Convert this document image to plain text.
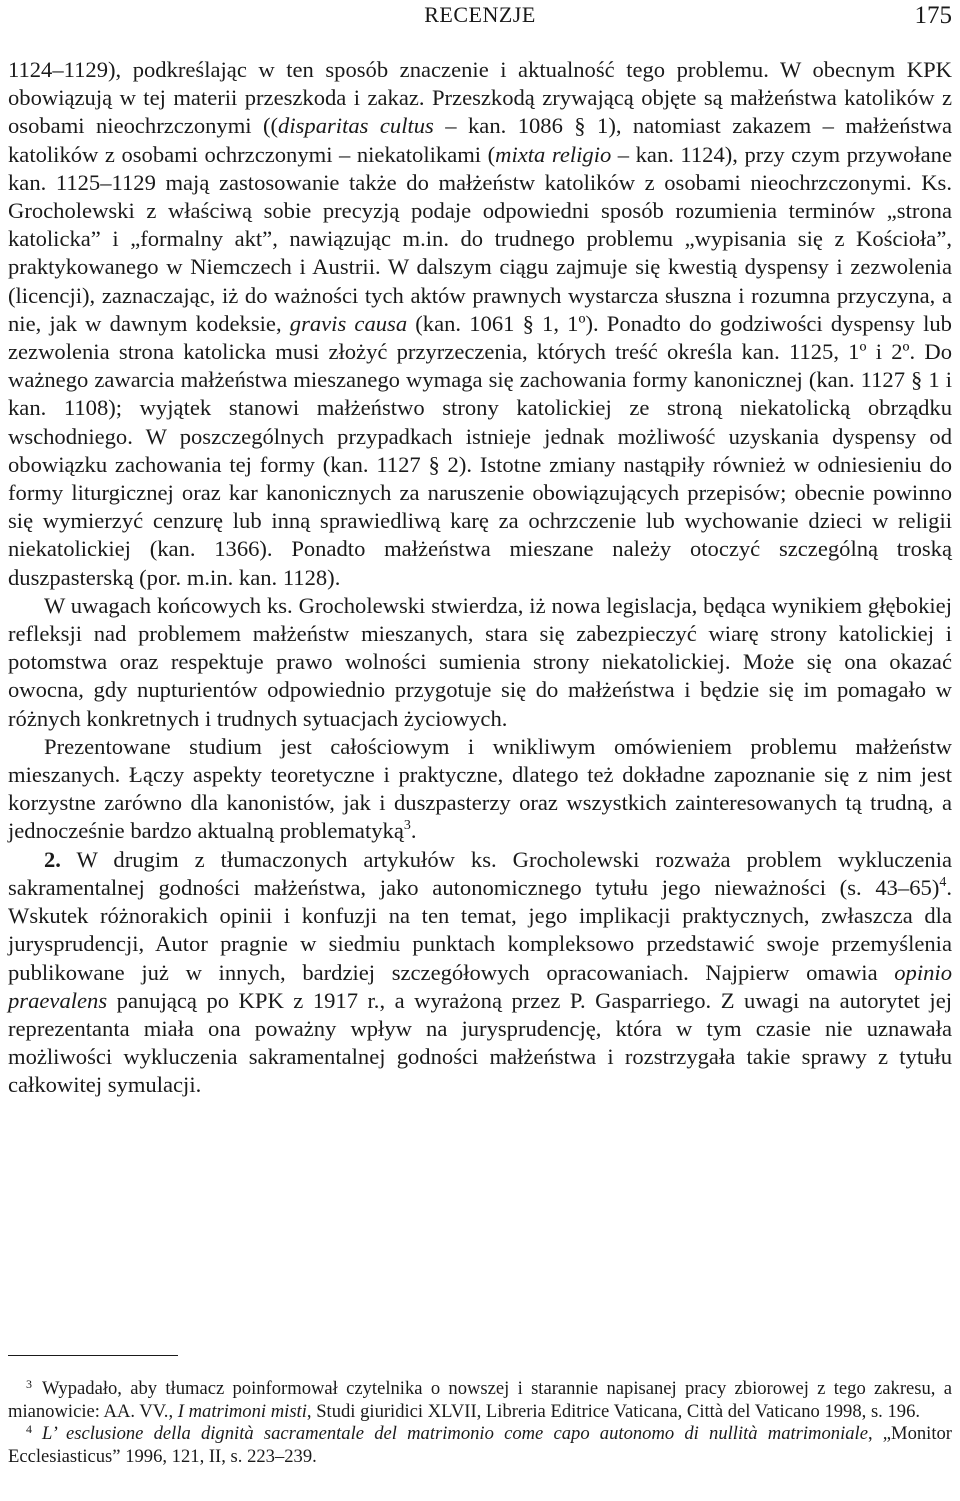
RECENZJE	175

1124–1129), podkreślając w ten sposób znaczenie i aktualność tego problemu. W obecnym KPK obowiązują w tej materii przeszkoda i zakaz. Przeszkodą zrywającą objęte są małżeństwa katolików z osobami nieochrzczonymi ((disparitas cultus – kan. 1086 § 1), natomiast zakazem – małżeństwa katolików z osobami ochrzczonymi – niekatolikami (mixta religio – kan. 1124), przy czym przywołane kan. 1125–1129 mają zastosowanie także do małżeństw katolików z osobami nieochrzczonymi. Ks. Grocholewski z właściwą sobie precyzją podaje odpowiedni sposób rozumienia terminów „strona katolicka” i „formalny akt”, nawiązując m.in. do trudnego problemu „wypisania się z Kościoła”, praktykowanego w Niemczech i Austrii. W dalszym ciągu zajmuje się kwestią dyspensy i zezwolenia (licencji), zaznaczając, iż do ważności tych aktów prawnych wystarcza słuszna i rozumna przyczyna, a nie, jak w dawnym kodeksie, gravis causa (kan. 1061 § 1, 1º). Ponadto do godziwości dyspensy lub zezwolenia strona katolicka musi złożyć przyrzeczenia, których treść określa kan. 1125, 1º i 2º. Do ważnego zawarcia małżeństwa mieszanego wymaga się zachowania formy kanonicznej (kan. 1127 § 1 i kan. 1108); wyjątek stanowi małżeństwo strony katolickiej ze stroną niekatolicką obrządku wschodniego. W poszczególnych przypadkach istnieje jednak możliwość uzyskania dyspensy od obowiązku zachowania tej formy (kan. 1127 § 2). Istotne zmiany nastąpiły również w odniesieniu do formy liturgicznej oraz kar kanonicznych za naruszenie obowiązujących przepisów; obecnie powinno się wymierzyć cenzurę lub inną sprawiedliwą karę za ochrzczenie lub wychowanie dzieci w religii niekatolickiej (kan. 1366). Ponadto małżeństwa mieszane należy otoczyć szczególną troską duszpasterską (por. m.in. kan. 1128).

W uwagach końcowych ks. Grocholewski stwierdza, iż nowa legislacja, będąca wynikiem głębokiej refleksji nad problemem małżeństw mieszanych, stara się zabezpieczyć wiarę strony katolickiej i potomstwa oraz respektuje prawo wolności sumienia strony niekatolickiej. Może się ona okazać owocna, gdy nupturientów odpowiednio przygotuje się do małżeństwa i będzie się im pomagało w różnych konkretnych i trudnych sytuacjach życiowych.

Prezentowane studium jest całościowym i wnikliwym omówieniem problemu małżeństw mieszanych. Łączy aspekty teoretyczne i praktyczne, dlatego też dokładne zapoznanie się z nim jest korzystne zarówno dla kanonistów, jak i duszpasterzy oraz wszystkich zainteresowanych tą trudną, a jednocześnie bardzo aktualną problematyką$^3$.

2. W drugim z tłumaczonych artykułów ks. Grocholewski rozważa problem wykluczenia sakramentalnej godności małżeństwa, jako autonomicznego tytułu jego nieważności (s. 43–65)$^4$. Wskutek różnorakich opinii i konfuzji na ten temat, jego implikacji praktycznych, zwłaszcza dla jurysprudencji, Autor pragnie w siedmiu punktach kompleksowo przedstawić swoje przemyślenia publikowane już w innych, bardziej szczegółowych opracowaniach. Najpierw omawia opinio praevalens panującą po KPK z 1917 r., a wyrażoną przez P. Gasparriego. Z uwagi na autorytet jej reprezentanta miała ona poważny wpływ na jurysprudencję, która w tym czasie nie uznawała możliwości wykluczenia sakramentalnej godności małżeństwa i rozstrzygała takie sprawy z tytułu całkowitej symulacji.

$^3$ Wypadało, aby tłumacz poinformował czytelnika o nowszej i starannie napisanej pracy zbiorowej z tego zakresu, a mianowicie: AA. VV., I matrimoni misti, Studi giuridici XLVII, Libreria Editrice Vaticana, Città del Vaticano 1998, s. 196.

$^4$ L’ esclusione della dignità sacramentale del matrimonio come capo autonomo di nullità matrimoniale, „Monitor Ecclesiasticus” 1996, 121, II, s. 223–239.
